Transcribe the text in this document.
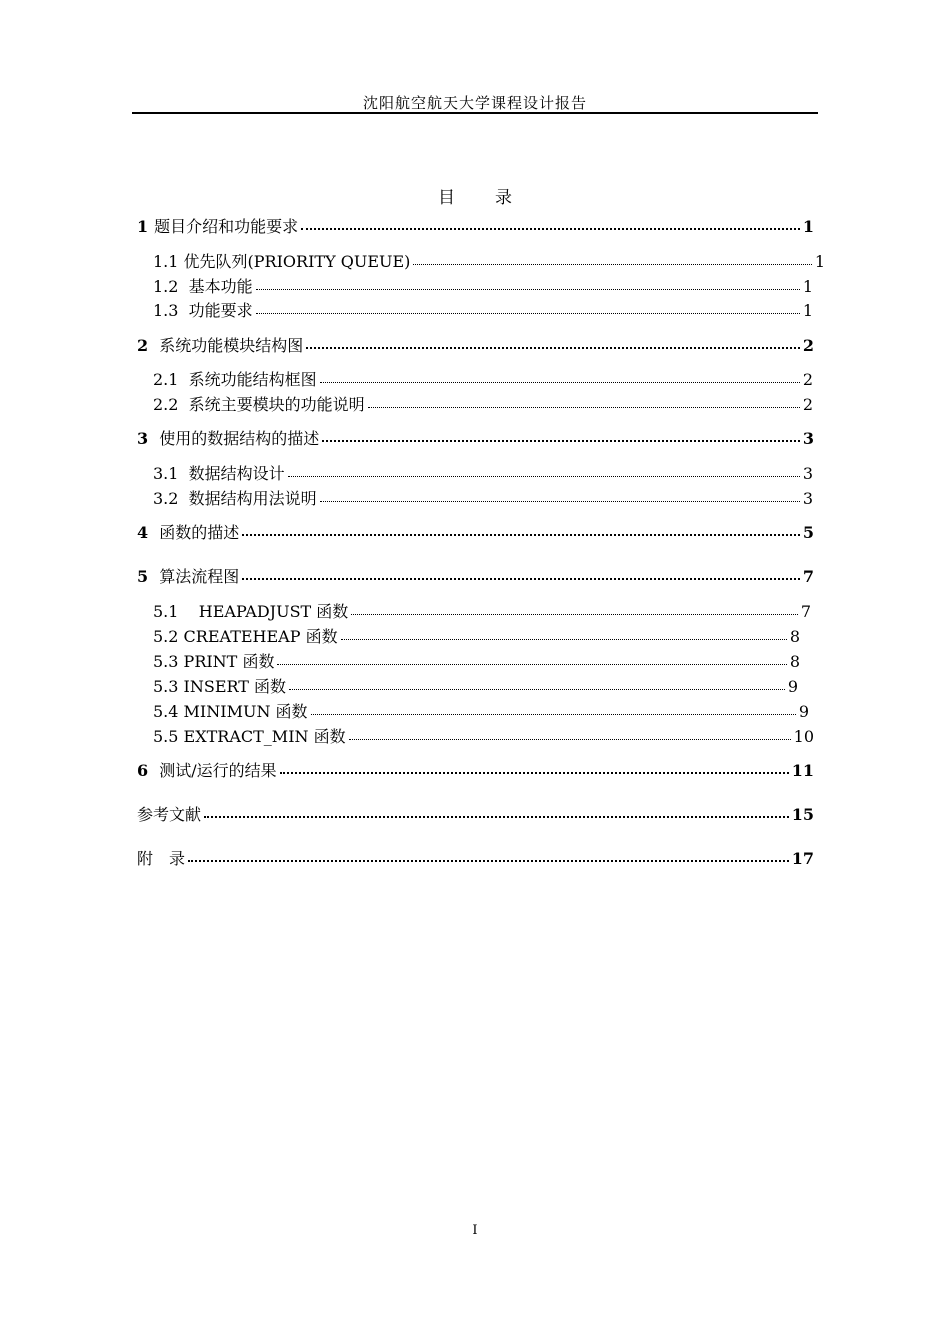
沈阳航空航天大学课程设计报告
目 录
1 题目介绍和功能要求	1
1.1 优先队列(PRIORITY QUEUE)	1
1.2 基本功能	1
1.3 功能要求	1
2 系统功能模块结构图	2
2.1 系统功能结构框图	2
2.2 系统主要模块的功能说明	2
3 使用的数据结构的描述	3
3.1 数据结构设计	3
3.2 数据结构用法说明	3
4 函数的描述	5
5 算法流程图	7
5.1 HEAPADJUST 函数	7
5.2 CREATEHEAP 函数	8
5.3 PRINT 函数	8
5.3 INSERT 函数	9
5.4 MINIMUN 函数	9
5.5 EXTRACT_MIN 函数	10
6 测试/运行的结果	11
参考文献	15
附　录	17
I
